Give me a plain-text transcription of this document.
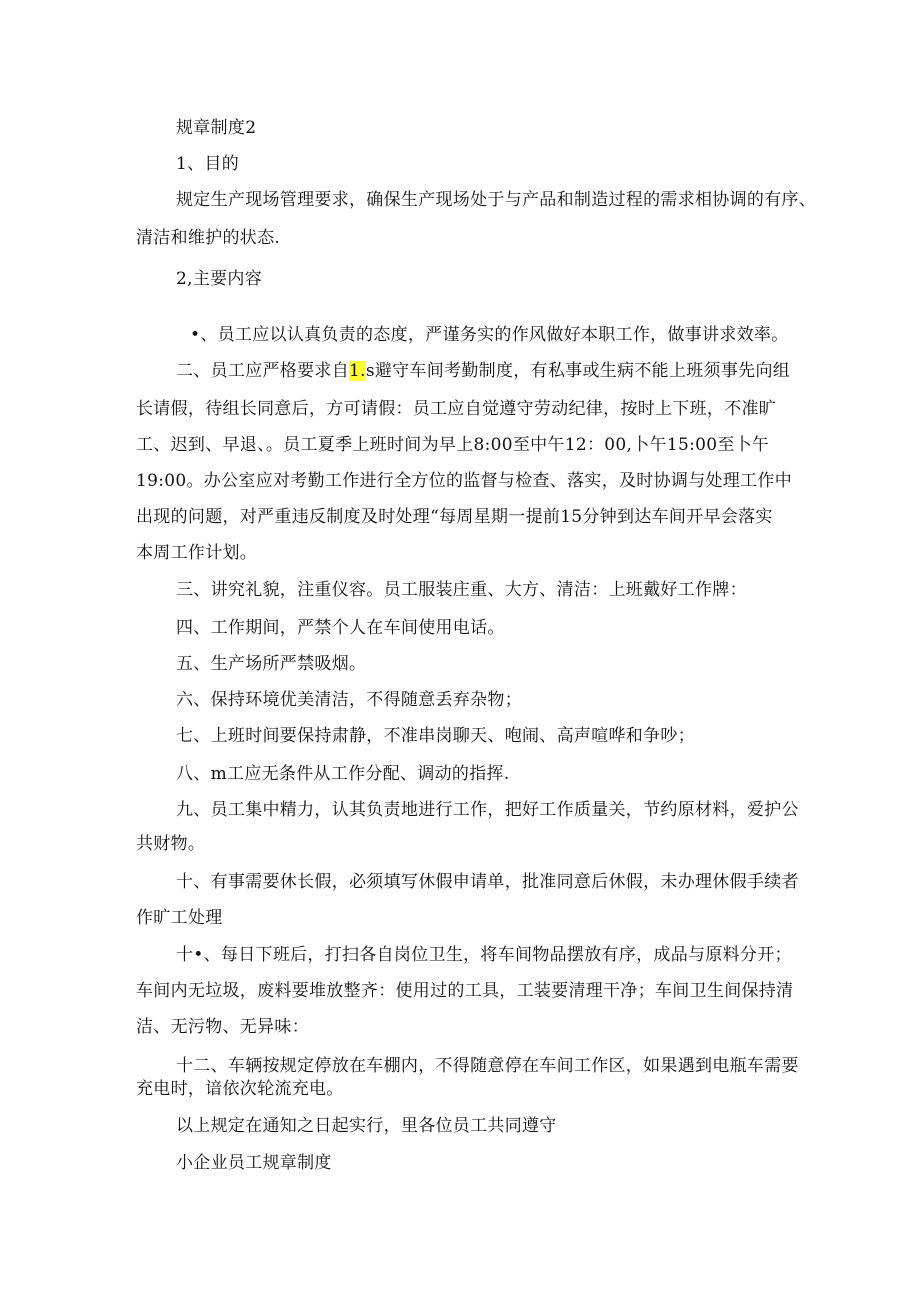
规章制度2
1、目的
规定生产现场管理要求，确保生产现场处于与产品和制造过程的需求相协调的有序、
清洁和维护的状态.
2,主要内容
•、员工应以认真负责的态度，严谨务实的作风做好本职工作，做事讲求效率。
二、员工应严格要求自1.s避守车间考勤制度，有私事或生病不能上班须事先向组
长请假，待组长同意后，方可请假：员工应自觉遵守劳动纪律，按时上下班，不准旷
工、迟到、早退、。员工夏季上班时间为早上8:00至中午12：00,卜午15:00至卜午
19:00。办公室应对考勤工作进行全方位的监督与检查、落实，及时协调与处理工作中
出现的问题，对严重违反制度及时处理“每周星期一提前15分钟到达车间开早会落实
本周工作计划。
三、讲究礼貌，注重仪容。员工服装庄重、大方、清洁：上班戴好工作牌：
四、工作期间，严禁个人在车间使用电话。
五、生产场所严禁吸烟。
六、保持环境优美清洁，不得随意丢弃杂物；
七、上班时间要保持肃静，不准串岗聊天、咆闹、高声喧哗和争吵；
八、m工应无条件从工作分配、调动的指挥.
九、员工集中精力，认其负责地进行工作，把好工作质量关，节约原材料，爱护公
共财物。
十、有事需要休长假，必须填写休假申请单，批准同意后休假，未办理休假手续者
作旷工处理
十•、每日下班后，打扫各自岗位卫生，将车间物品摆放有序，成品与原料分开；
车间内无垃圾，废料要堆放整齐：使用过的工具，工装要清理干净；车间卫生间保持清
洁、无污物、无异味：
十二、车辆按规定停放在车棚内，不得随意停在车间工作区，如果遇到电瓶车需要
充电时，谙依次轮流充电。
以上规定在通知之日起实行，里各位员工共同遵守
小企业员工规章制度
